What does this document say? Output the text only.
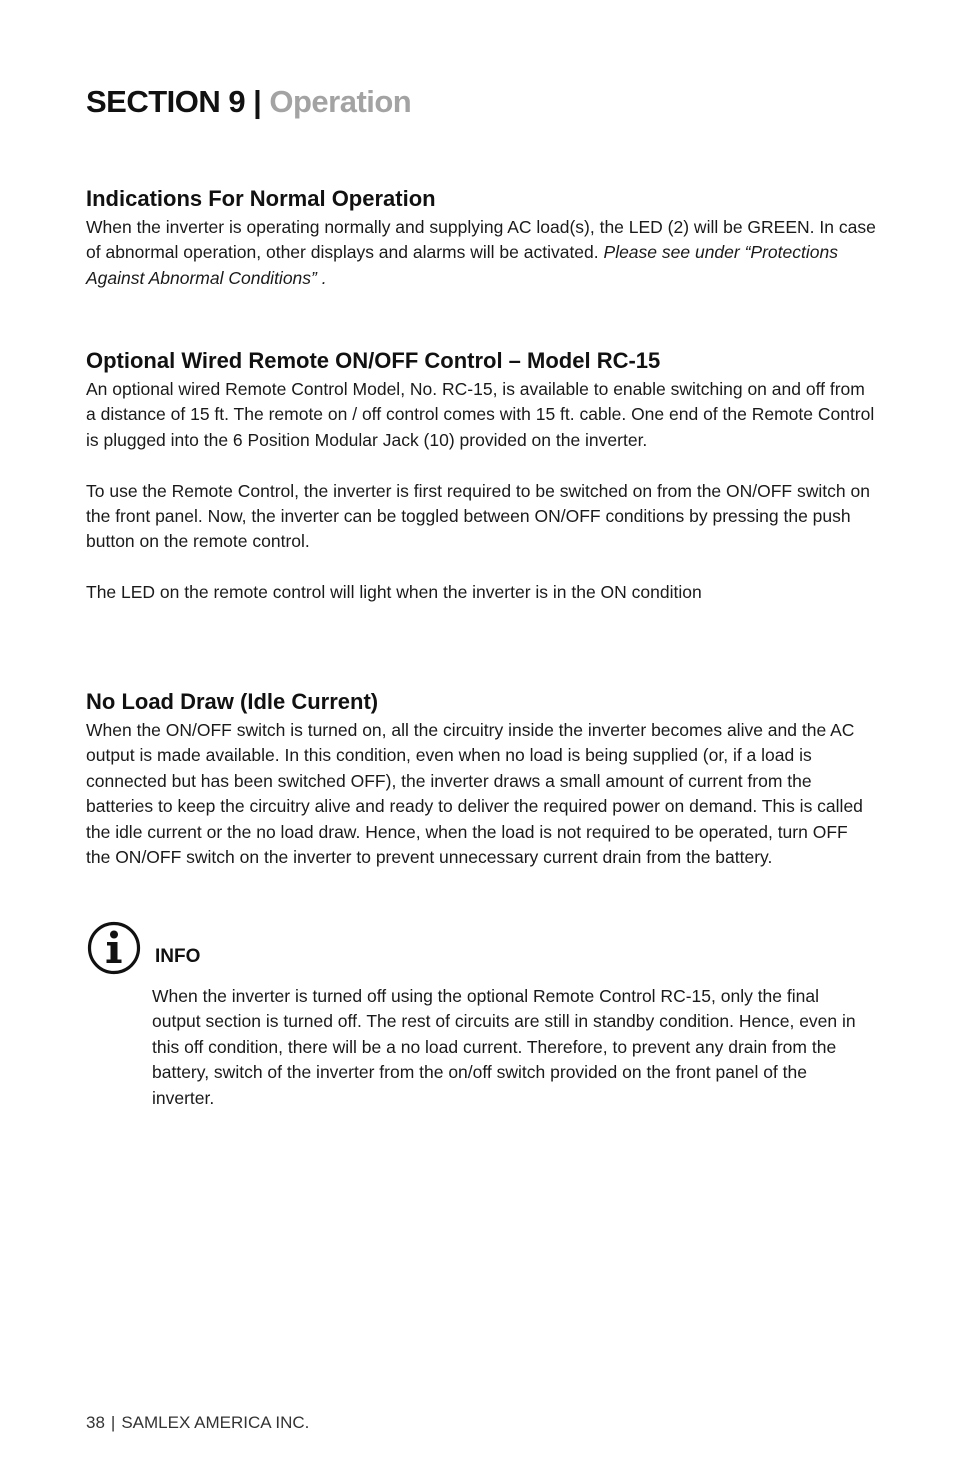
SECTION 9 | Operation
Indications For Normal Operation

When the inverter is operating normally and supplying AC load(s), the LED (2) will be GREEN. In case of abnormal operation, other displays and alarms will be activated. Please see under “Protections Against Abnormal Conditions” .

Optional Wired Remote ON/OFF Control – Model RC-15

An optional wired Remote Control Model, No. RC-15, is available to enable switching on and off from a distance of 15 ft. The remote on / off control comes with 15 ft. cable. One end of the Remote Control is plugged into the 6 Position Modular Jack (10) provided on the inverter.

To use the Remote Control, the inverter is first required to be switched on from the ON/OFF switch on the front panel. Now, the inverter can be toggled between ON/OFF conditions by pressing the push button on the remote control.

The LED on the remote control will light when the inverter is in the ON condition

No Load Draw (Idle Current)

When the ON/OFF switch is turned on, all the circuitry inside the inverter becomes alive and the AC output is made available. In this condition, even when no load is being supplied (or, if a load is connected but has been switched OFF), the inverter draws a small amount of current from the batteries to keep the circuitry alive and ready to deliver the required power on demand. This is called the idle current or the no load draw. Hence, when the load is not required to be operated, turn OFF the ON/OFF switch on the inverter to prevent unnecessary current drain from the battery.

INFO

When the inverter is turned off using the optional Remote Control RC-15, only the final output section is turned off. The rest of circuits are still in standby condition. Hence, even in this off condition, there will be a no load current. Therefore, to prevent any drain from the battery, switch of the inverter from the on/off switch provided on the front panel of the inverter.

38 | SAMLEX AMERICA INC.
